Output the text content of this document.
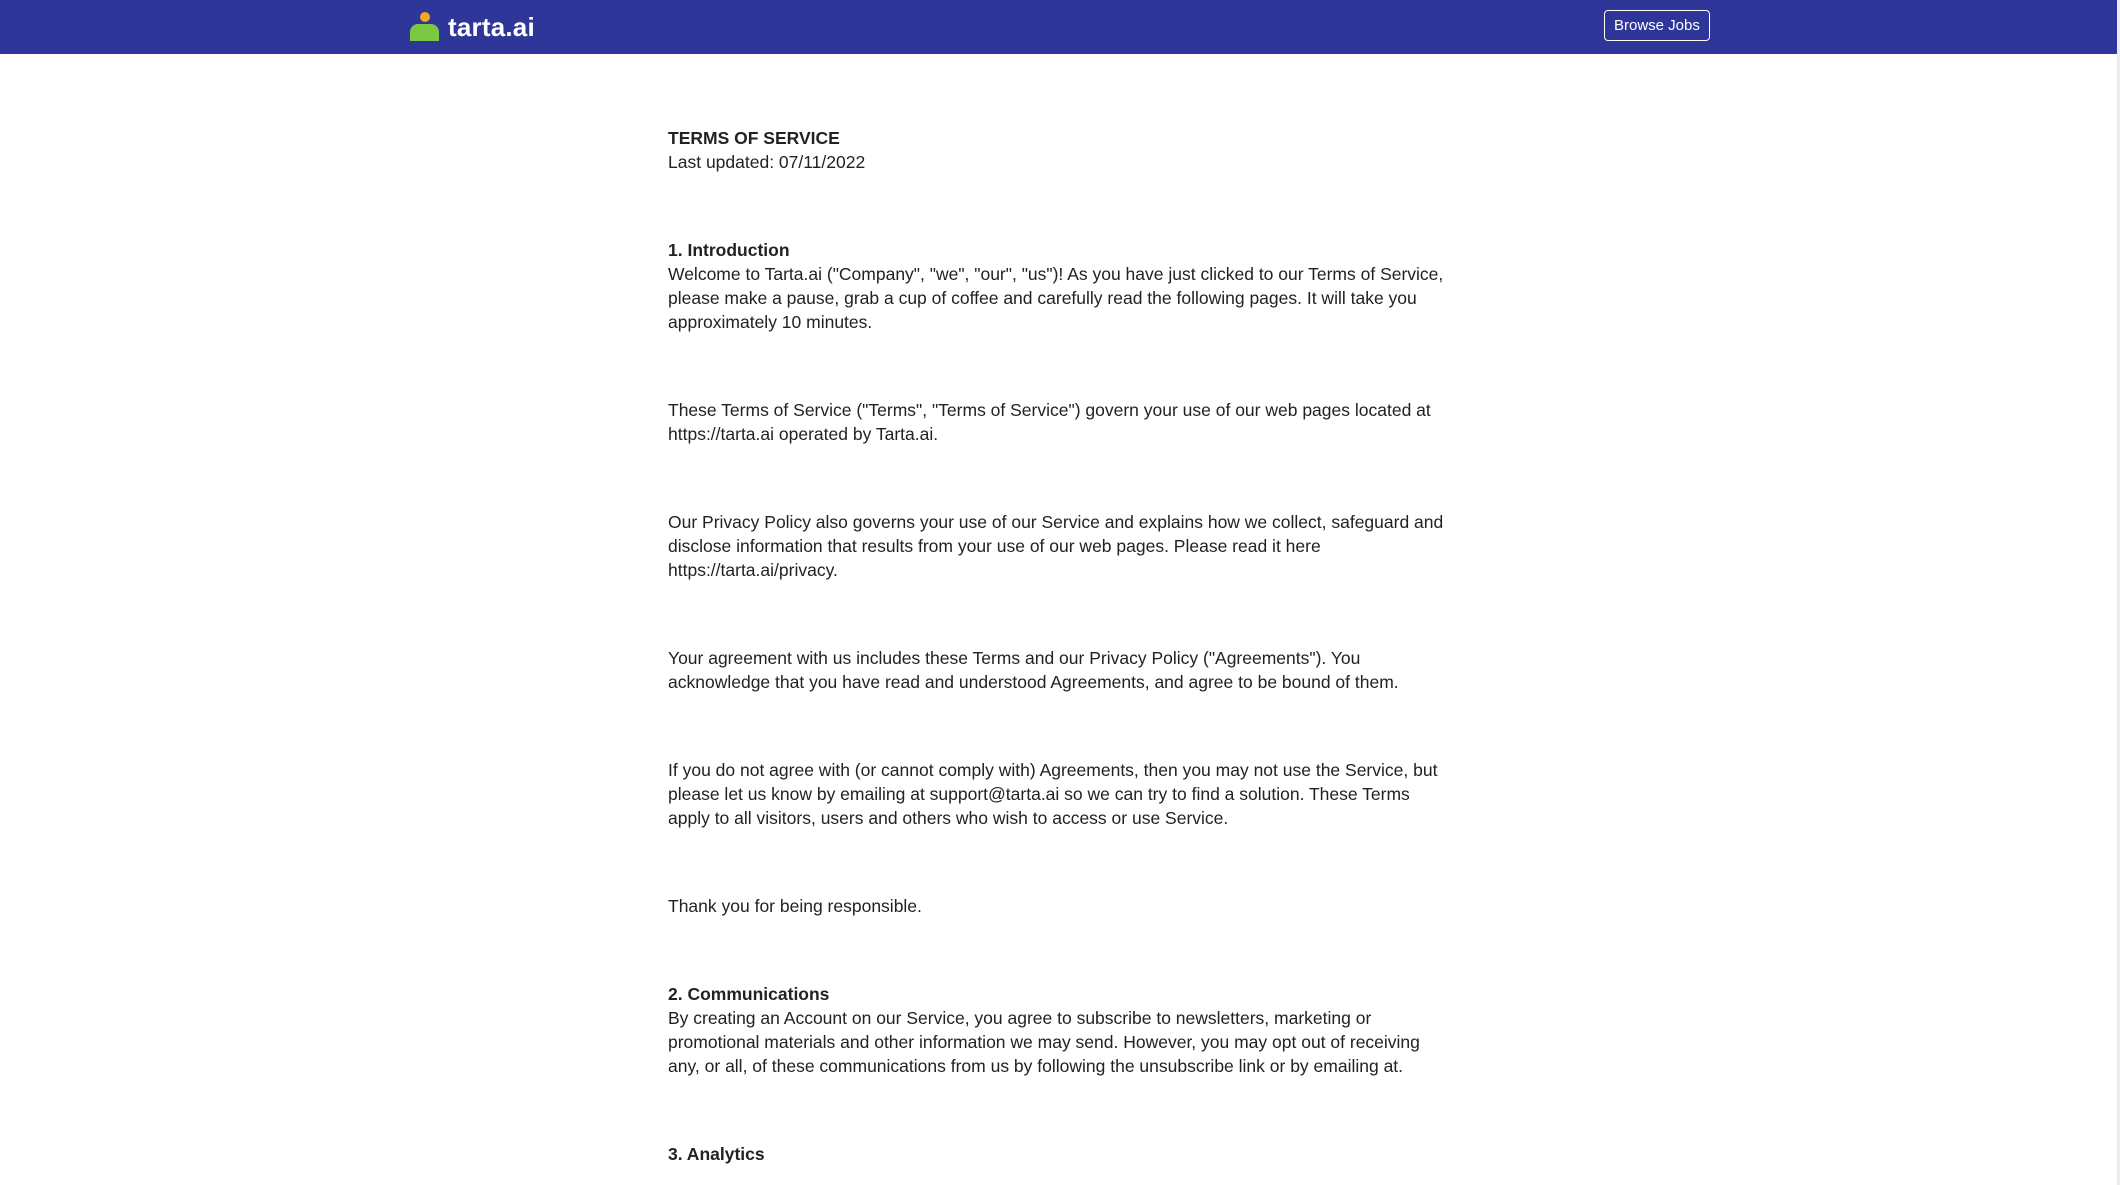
tarta.ai	Browse Jobs

TERMS OF SERVICE

Last updated: 07/11/2022

1. Introduction

Welcome to Tarta.ai ("Company", "we", "our", "us")! As you have just clicked to our Terms of Service, please make a pause, grab a cup of coffee and carefully read the following pages. It will take you approximately 10 minutes.

These Terms of Service ("Terms", "Terms of Service") govern your use of our web pages located at https://tarta.ai operated by Tarta.ai.

Our Privacy Policy also governs your use of our Service and explains how we collect, safeguard and disclose information that results from your use of our web pages. Please read it here https://tarta.ai/privacy.

Your agreement with us includes these Terms and our Privacy Policy ("Agreements"). You acknowledge that you have read and understood Agreements, and agree to be bound of them.

If you do not agree with (or cannot comply with) Agreements, then you may not use the Service, but please let us know by emailing at support@tarta.ai so we can try to find a solution. These Terms apply to all visitors, users and others who wish to access or use Service.

Thank you for being responsible.

2. Communications

By creating an Account on our Service, you agree to subscribe to newsletters, marketing or promotional materials and other information we may send. However, you may opt out of receiving any, or all, of these communications from us by following the unsubscribe link or by emailing at.

3. Analytics
